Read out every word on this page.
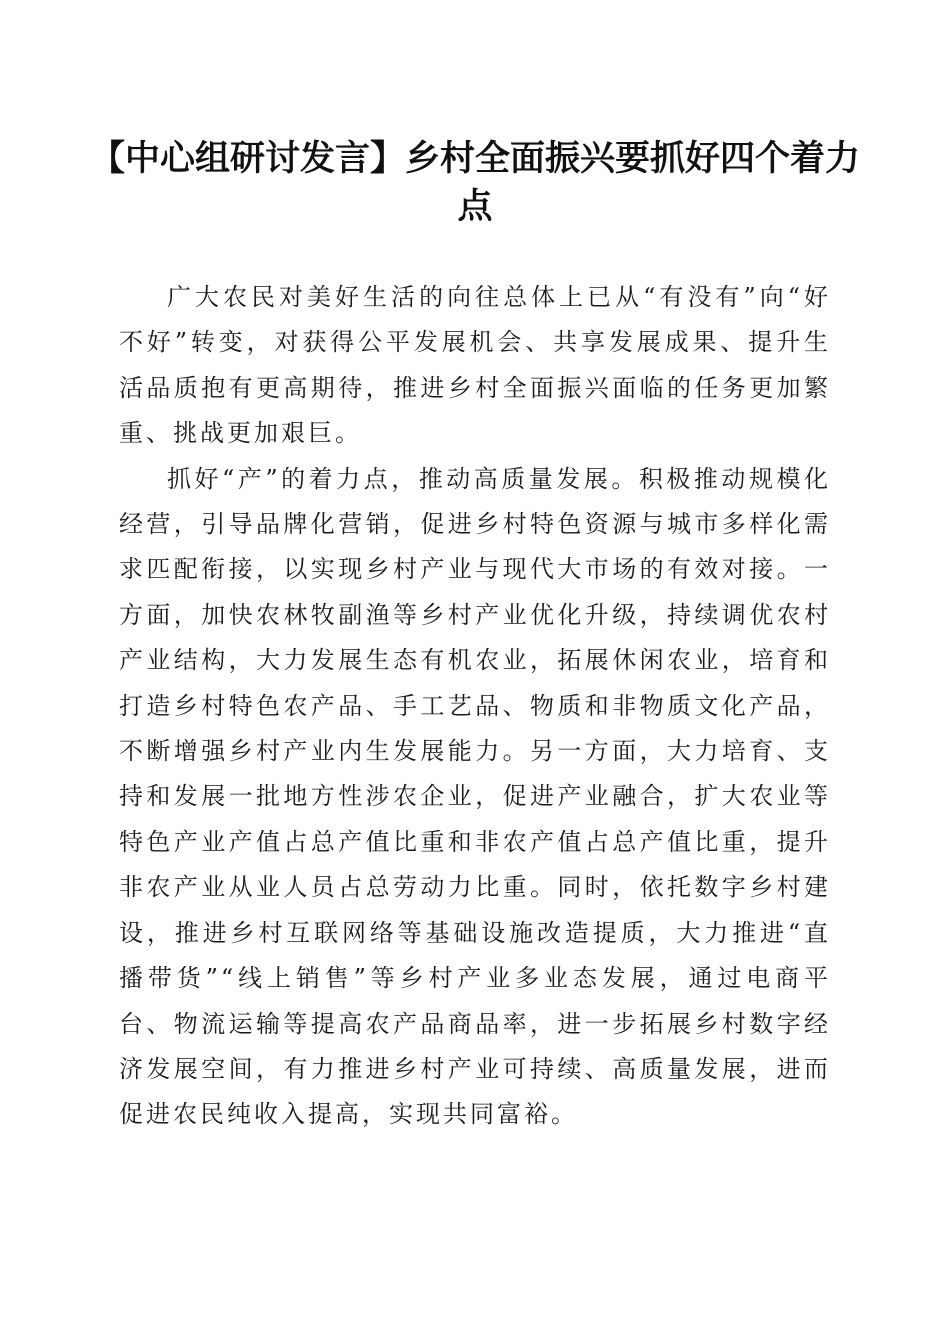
【中心组研讨发言】乡村全面振兴要抓好四个着力点

广大农民对美好生活的向往总体上已从“有没有”向“好不好”转变，对获得公平发展机会、共享发展成果、提升生活品质抱有更高期待，推进乡村全面振兴面临的任务更加繁重、挑战更加艰巨。

抓好“产”的着力点，推动高质量发展。积极推动规模化经营，引导品牌化营销，促进乡村特色资源与城市多样化需求匹配衔接，以实现乡村产业与现代大市场的有效对接。一方面，加快农林牧副渔等乡村产业优化升级，持续调优农村产业结构，大力发展生态有机农业，拓展休闲农业，培育和打造乡村特色农产品、手工艺品、物质和非物质文化产品，不断增强乡村产业内生发展能力。另一方面，大力培育、支持和发展一批地方性涉农企业，促进产业融合，扩大农业等特色产业产值占总产值比重和非农产值占总产值比重，提升非农产业从业人员占总劳动力比重。同时，依托数字乡村建设，推进乡村互联网络等基础设施改造提质，大力推进“直播带货”“线上销售”等乡村产业多业态发展，通过电商平台、物流运输等提高农产品商品率，进一步拓展乡村数字经济发展空间，有力推进乡村产业可持续、高质量发展，进而促进农民纯收入提高，实现共同富裕。
